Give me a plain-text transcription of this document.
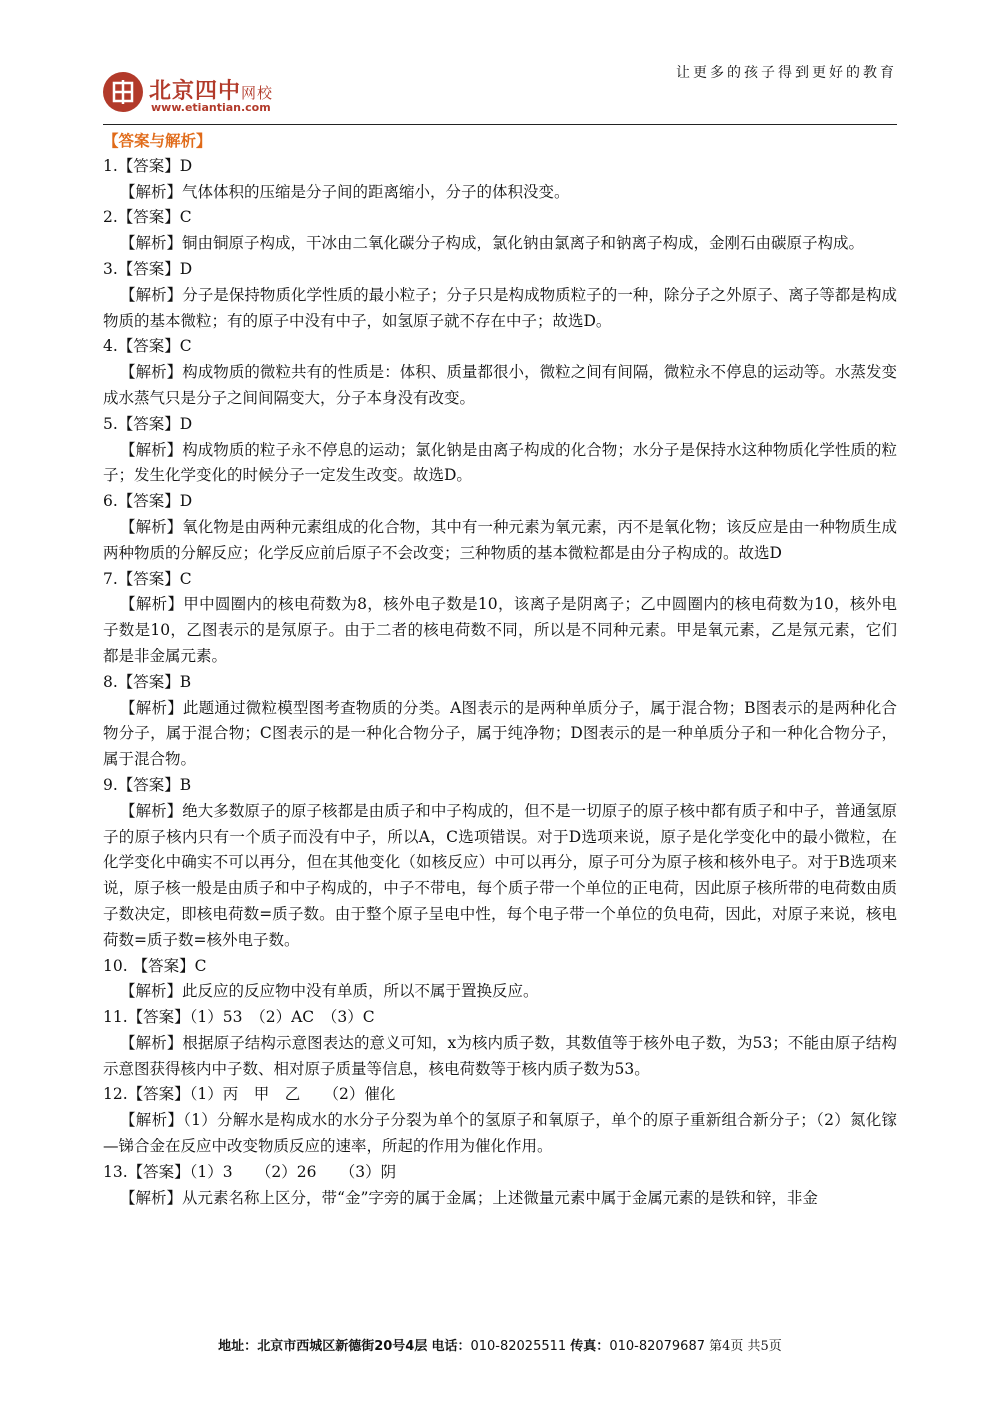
北京四中网校
www.etiantian.com
让更多的孩子得到更好的教育

【答案与解析】

1.【答案】D

【解析】气体体积的压缩是分子间的距离缩小，分子的体积没变。

2.【答案】C

【解析】铜由铜原子构成，干冰由二氧化碳分子构成，氯化钠由氯离子和钠离子构成，金刚石由碳原子构成。

3.【答案】D

【解析】分子是保持物质化学性质的最小粒子；分子只是构成物质粒子的一种，除分子之外原子、离子等都是构成物质的基本微粒；有的原子中没有中子，如氢原子就不存在中子；故选D。

4.【答案】C

【解析】构成物质的微粒共有的性质是：体积、质量都很小，微粒之间有间隔，微粒永不停息的运动等。水蒸发变成水蒸气只是分子之间间隔变大，分子本身没有改变。

5.【答案】D

【解析】构成物质的粒子永不停息的运动；氯化钠是由离子构成的化合物；水分子是保持水这种物质化学性质的粒子；发生化学变化的时候分子一定发生改变。故选D。

6.【答案】D

【解析】氧化物是由两种元素组成的化合物，其中有一种元素为氧元素，丙不是氧化物；该反应是由一种物质生成两种物质的分解反应；化学反应前后原子不会改变；三种物质的基本微粒都是由分子构成的。故选D

7.【答案】C

【解析】甲中圆圈内的核电荷数为8，核外电子数是10，该离子是阴离子；乙中圆圈内的核电荷数为10，核外电子数是10，乙图表示的是氖原子。由于二者的核电荷数不同，所以是不同种元素。甲是氧元素，乙是氖元素，它们都是非金属元素。

8.【答案】B

【解析】此题通过微粒模型图考查物质的分类。A图表示的是两种单质分子，属于混合物；B图表示的是两种化合物分子，属于混合物；C图表示的是一种化合物分子，属于纯净物；D图表示的是一种单质分子和一种化合物分子，属于混合物。

9.【答案】B

【解析】绝大多数原子的原子核都是由质子和中子构成的，但不是一切原子的原子核中都有质子和中子，普通氢原子的原子核内只有一个质子而没有中子，所以A，C选项错误。对于D选项来说，原子是化学变化中的最小微粒，在化学变化中确实不可以再分，但在其他变化（如核反应）中可以再分，原子可分为原子核和核外电子。对于B选项来说，原子核一般是由质子和中子构成的，中子不带电，每个质子带一个单位的正电荷，因此原子核所带的电荷数由质子数决定，即核电荷数=质子数。由于整个原子呈电中性，每个电子带一个单位的负电荷，因此，对原子来说，核电荷数=质子数=核外电子数。

10. 【答案】C

【解析】此反应的反应物中没有单质，所以不属于置换反应。

11.【答案】（1）53　（2）AC　（3）C

【解析】根据原子结构示意图表达的意义可知，x为核内质子数，其数值等于核外电子数，为53；不能由原子结构示意图获得核内中子数、相对原子质量等信息，核电荷数等于核内质子数为53。

12.【答案】（1）丙　甲　乙　　（2）催化

【解析】（1）分解水是构成水的水分子分裂为单个的氢原子和氧原子，单个的原子重新组合新分子；（2）氮化镓—锑合金在反应中改变物质反应的速率，所起的作用为催化作用。

13.【答案】（1）3　　（2）26　　（3）阴

【解析】从元素名称上区分，带“金”字旁的属于金属；上述微量元素中属于金属元素的是铁和锌，非金

地址：北京市西城区新德街20号4层 电话：010-82025511 传真：010-82079687 第4页 共5页
